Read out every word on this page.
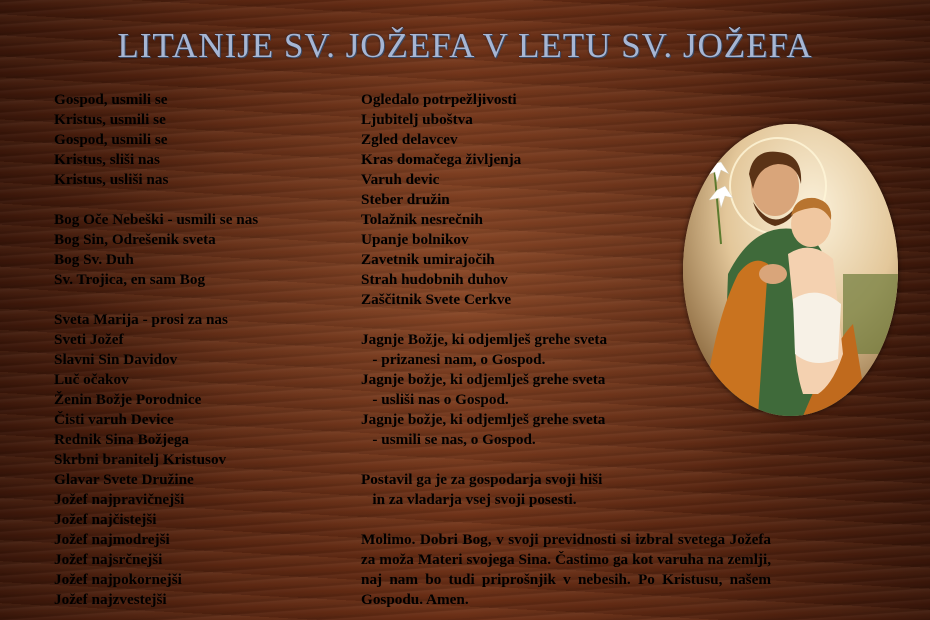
LITANIJE SV. JOŽEFA V LETU SV. JOŽEFA
Gospod, usmili se
Kristus, usmili se
Gospod, usmili se
Kristus, sliši nas
Kristus, usliši nas
Bog Oče Nebeški - usmili se nas
Bog Sin, Odrešenik sveta
Bog Sv. Duh
Sv. Trojica, en sam Bog
Sveta Marija - prosi za nas
Sveti Jožef
Slavni Sin Davidov
Luč očakov
Ženin Božje Porodnice
Čisti varuh Device
Rednik Sina Božjega
Skrbni branitelj Kristusov
Glavar Svete Družine
Jožef najpravičnejši
Jožef najčistejši
Jožef najmodrejši
Jožef najsrčnejši
Jožef najpokornejši
Jožef najzvestejši
Ogledalo potrpežljivosti
Ljubitelj uboštva
Zgled delavcev
Kras domačega življenja
Varuh devic
Steber družin
Tolažnik nesrečnih
Upanje bolnikov
Zavetnik umirajočih
Strah hudobnih duhov
Zaščitnik Svete Cerkve
Jagnje Božje, ki odjemlješ grehe sveta
- prizanesi nam, o Gospod.
Jagnje božje, ki odjemlješ grehe sveta
- usliši nas o Gospod.
Jagnje božje, ki odjemlješ grehe sveta
- usmili se nas, o Gospod.
Postavil ga je za gospodarja svoji hiši
in za vladarja vsej svoji posesti.
Molimo. Dobri Bog, v svoji previdnosti si izbral svetega Jožefa za moža Materi svojega Sina. Častimo ga kot varuha na zemlji, naj nam bo tudi priprošnjik v nebesih. Po Kristusu, našem Gospodu. Amen.
